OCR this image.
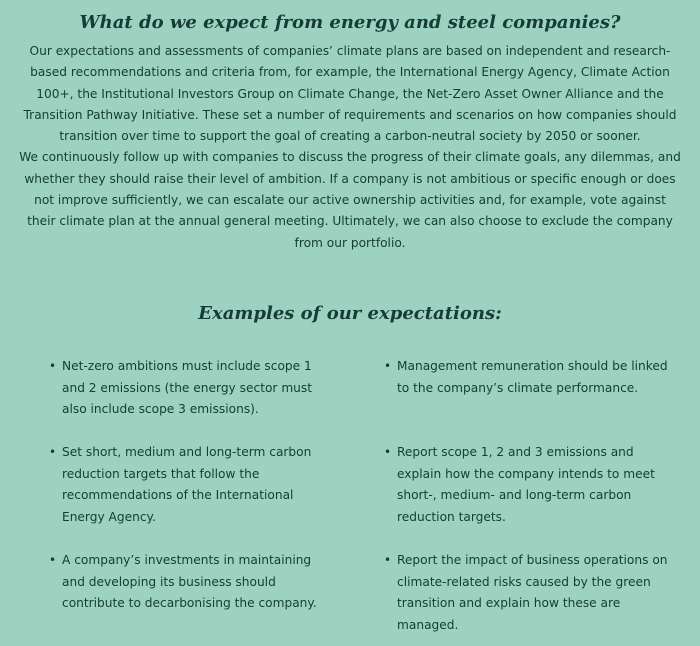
What do we expect from energy and steel companies?

Our expectations and assessments of companies’ climate plans are based on independent and research-based recommendations and criteria from, for example, the International Energy Agency, Climate Action 100+, the Institutional Investors Group on Climate Change, the Net-Zero Asset Owner Alliance and the Transition Pathway Initiative. These set a number of requirements and scenarios on how companies should transition over time to support the goal of creating a carbon-neutral society by 2050 or sooner.

We continuously follow up with companies to discuss the progress of their climate goals, any dilemmas, and whether they should raise their level of ambition. If a company is not ambitious or specific enough or does not improve sufficiently, we can escalate our active ownership activities and, for example, vote against their climate plan at the annual general meeting. Ultimately, we can also choose to exclude the company from our portfolio.

Examples of our expectations:
• Net-zero ambitions must include scope 1 and 2 emissions (the energy sector must also include scope 3 emissions).
• Set short, medium and long-term carbon reduction targets that follow the recommendations of the International Energy Agency.
• A company’s investments in maintaining and developing its business should contribute to decarbonising the company.
• Management remuneration should be linked to the company’s climate performance.
• Report scope 1, 2 and 3 emissions and explain how the company intends to meet short-, medium- and long-term carbon reduction targets.
• Report the impact of business operations on climate-related risks caused by the green transition and explain how these are managed.
